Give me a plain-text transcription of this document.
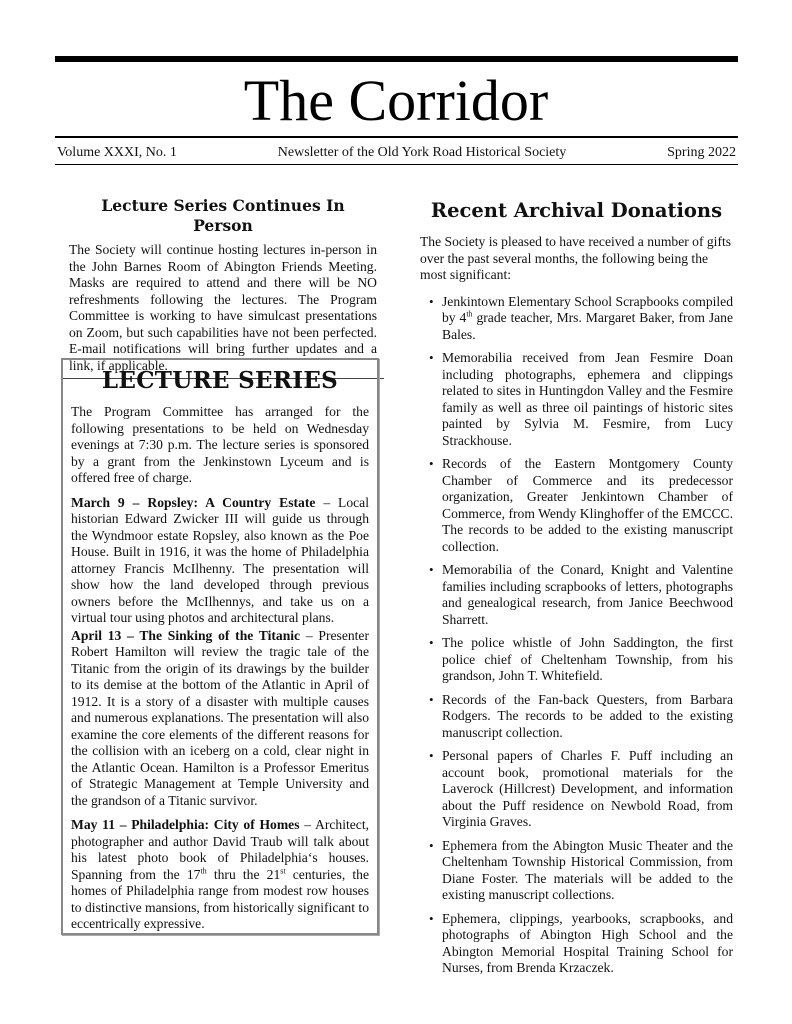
The Corridor
Volume XXXI, No. 1	Newsletter of the Old York Road Historical Society	Spring 2022
Lecture Series Continues In Person

The Society will continue hosting lectures in-person in the John Barnes Room of Abington Friends Meeting. Masks are required to attend and there will be NO refreshments following the lectures. The Program Committee is working to have simulcast presentations on Zoom, but such capabilities have not been perfected. E-mail notifications will bring further updates and a link, if applicable.

LECTURE SERIES

The Program Committee has arranged for the following presentations to be held on Wednesday evenings at 7:30 p.m. The lecture series is sponsored by a grant from the Jenkinstown Lyceum and is offered free of charge.

March 9 – Ropsley: A Country Estate – Local historian Edward Zwicker III will guide us through the Wyndmoor estate Ropsley, also known as the Poe House. Built in 1916, it was the home of Philadelphia attorney Francis McIlhenny. The presentation will show how the land developed through previous owners before the McIlhennys, and take us on a virtual tour using photos and architectural plans.

April 13 – The Sinking of the Titanic – Presenter Robert Hamilton will review the tragic tale of the Titanic from the origin of its drawings by the builder to its demise at the bottom of the Atlantic in April of 1912. It is a story of a disaster with multiple causes and numerous explanations. The presentation will also examine the core elements of the different reasons for the collision with an iceberg on a cold, clear night in the Atlantic Ocean. Hamilton is a Professor Emeritus of Strategic Management at Temple University and the grandson of a Titanic survivor.

May 11 – Philadelphia: City of Homes – Architect, photographer and author David Traub will talk about his latest photo book of Philadelphia‘s houses. Spanning from the 17th thru the 21st centuries, the homes of Philadelphia range from modest row houses to distinctive mansions, from historically significant to eccentrically expressive.

Recent Archival Donations

The Society is pleased to have received a number of gifts over the past several months, the following being the most significant:

• Jenkintown Elementary School Scrapbooks compiled by 4th grade teacher, Mrs. Margaret Baker, from Jane Bales.
• Memorabilia received from Jean Fesmire Doan including photographs, ephemera and clippings related to sites in Huntingdon Valley and the Fesmire family as well as three oil paintings of historic sites painted by Sylvia M. Fesmire, from Lucy Strackhouse.
• Records of the Eastern Montgomery County Chamber of Commerce and its predecessor organization, Greater Jenkintown Chamber of Commerce, from Wendy Klinghoffer of the EMCCC. The records to be added to the existing manuscript collection.
• Memorabilia of the Conard, Knight and Valentine families including scrapbooks of letters, photographs and genealogical research, from Janice Beechwood Sharrett.
• The police whistle of John Saddington, the first police chief of Cheltenham Township, from his grandson, John T. Whitefield.
• Records of the Fan-back Questers, from Barbara Rodgers. The records to be added to the existing manuscript collection.
• Personal papers of Charles F. Puff including an account book, promotional materials for the Laverock (Hillcrest) Development, and information about the Puff residence on Newbold Road, from Virginia Graves.
• Ephemera from the Abington Music Theater and the Cheltenham Township Historical Commission, from Diane Foster. The materials will be added to the existing manuscript collections.
• Ephemera, clippings, yearbooks, scrapbooks, and photographs of Abington High School and the Abington Memorial Hospital Training School for Nurses, from Brenda Krzaczek.
